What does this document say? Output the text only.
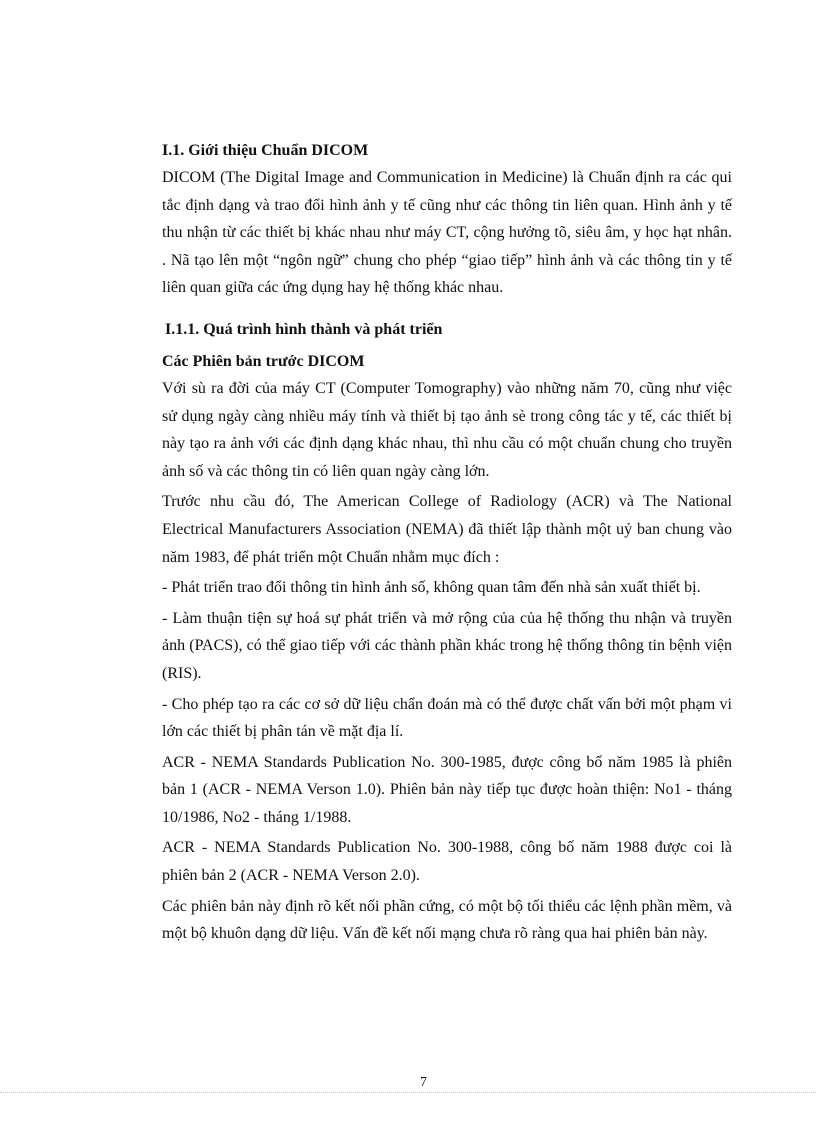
I.1. Giới thiệu Chuẩn DICOM

DICOM (The Digital Image and Communication in Medicine) là Chuẩn định ra các qui tắc định dạng và trao đổi hình ảnh y tế cũng như các thông tin liên quan. Hình ảnh y tế thu nhận từ các thiết bị khác nhau như máy CT, cộng hưởng tõ, siêu âm, y học hạt nhân. . Nã tạo lên một “ngôn ngữ” chung cho phép “giao tiếp” hình ảnh và các thông tin y tế liên quan giữa các ứng dụng hay hệ thống khác nhau.

I.1.1. Quá trình hình thành và phát triển
Các Phiên bản trước DICOM

Với sù ra đời của máy CT (Computer Tomography) vào những năm 70, cũng như việc sử dụng ngày càng nhiều máy tính và thiết bị tạo ảnh sè trong công tác y tế, các thiết bị này tạo ra ảnh với các định dạng khác nhau, thì nhu cầu có một chuẩn chung cho truyền ảnh số và các thông tin có liên quan ngày càng lớn.

Trước nhu cầu đó, The American College of Radiology (ACR) và The National Electrical Manufacturers Association (NEMA) đã thiết lập thành một uỷ ban chung vào năm 1983, để phát triển một Chuẩn nhằm mục đích :

- Phát triển trao đổi thông tin hình ảnh số, không quan tâm đến nhà sản xuất thiết bị.

- Làm thuận tiện sự hoá sự phát triển và mở rộng của của hệ thống thu nhận và truyền ảnh (PACS), có thể giao tiếp với các thành phần khác trong hệ thống thông tin bệnh viện (RIS).

- Cho phép tạo ra các cơ sở dữ liệu chẩn đoán mà có thể được chất vấn bởi một phạm vi lớn các thiết bị phân tán về mặt địa lí.

ACR - NEMA Standards Publication No. 300-1985, được công bố năm 1985 là phiên bản 1 (ACR - NEMA Verson 1.0). Phiên bản này tiếp tục được hoàn thiện: No1 - tháng 10/1986, No2 - tháng 1/1988.

ACR - NEMA Standards Publication No. 300-1988, công bố năm 1988 được coi là phiên bản 2 (ACR - NEMA Verson 2.0).

Các phiên bản này định rõ kết nối phần cứng, có một bộ tối thiểu các lệnh phần mềm, và một bộ khuôn dạng dữ liệu. Vấn đề kết nối mạng chưa rõ ràng qua hai phiên bản này.

7
